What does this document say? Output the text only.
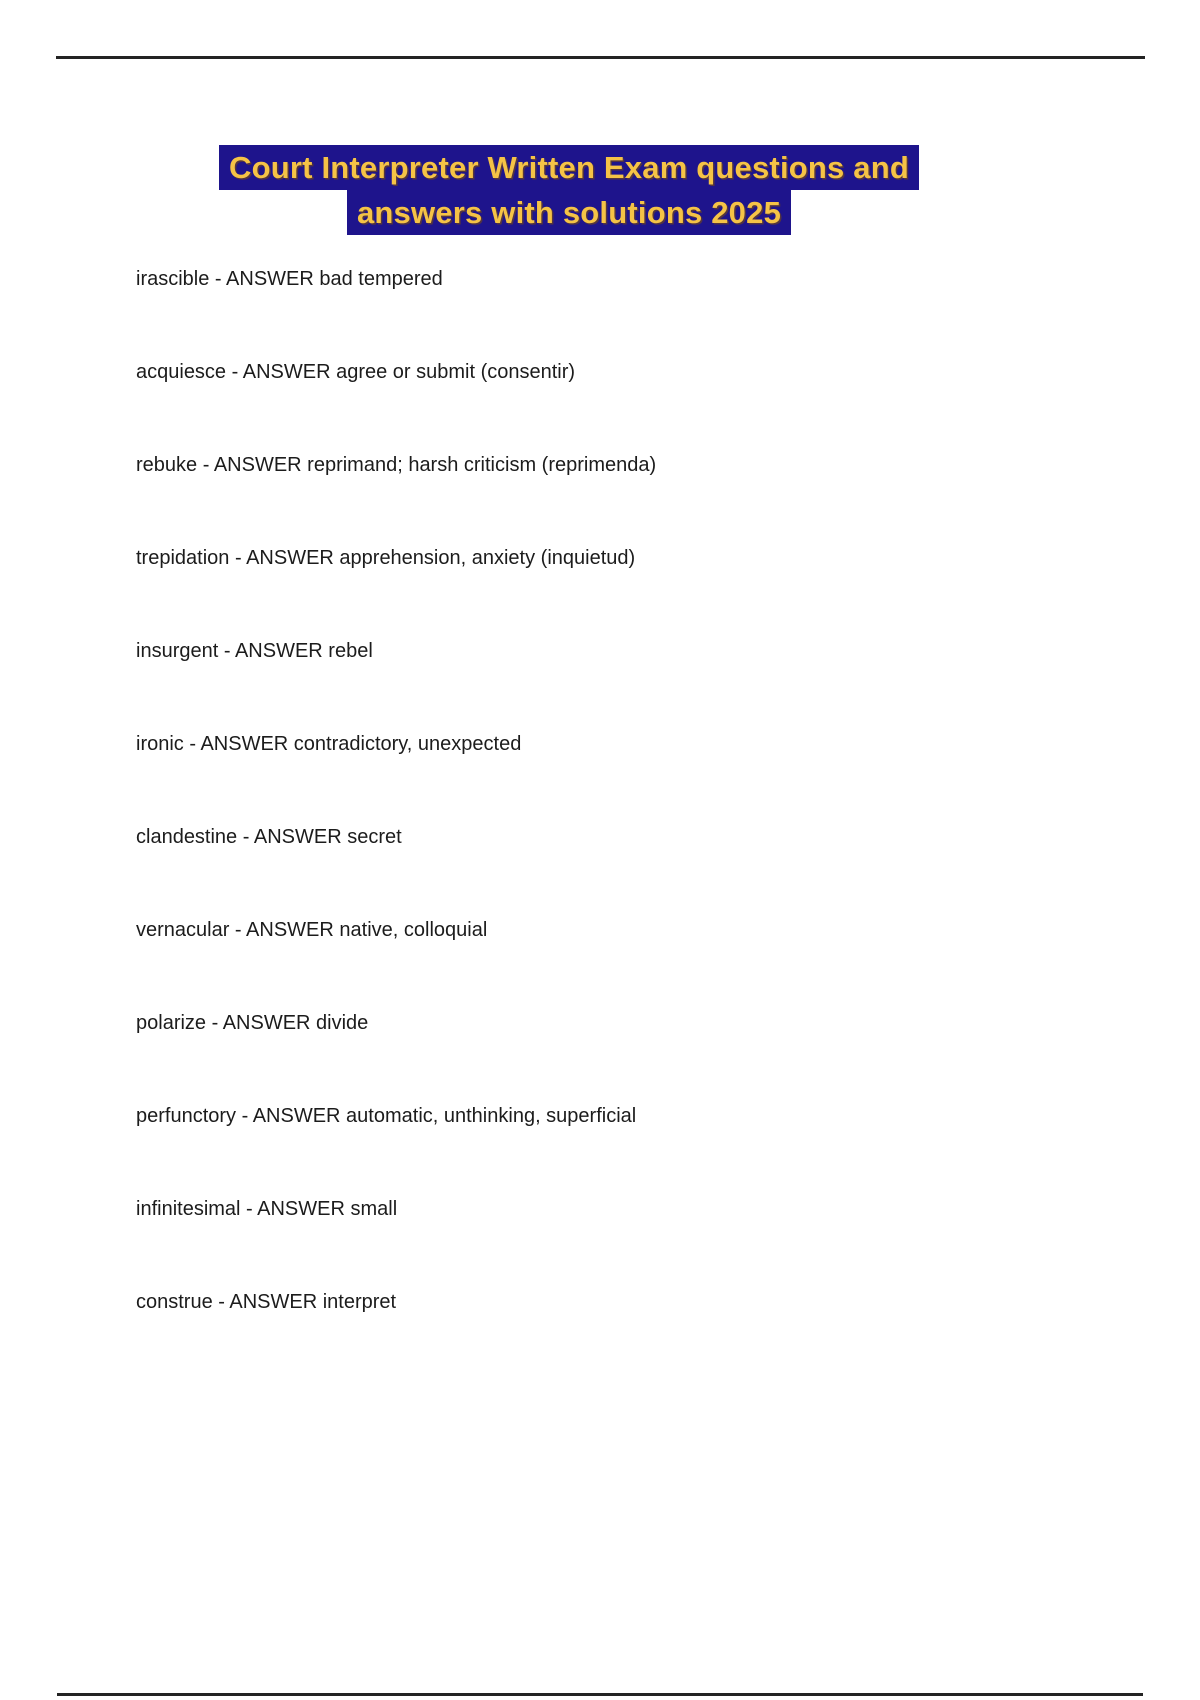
Court Interpreter Written Exam questions and
answers with solutions 2025

irascible - ANSWER bad tempered

acquiesce - ANSWER agree or submit (consentir)

rebuke - ANSWER reprimand; harsh criticism (reprimenda)

trepidation - ANSWER apprehension, anxiety (inquietud)

insurgent - ANSWER rebel

ironic - ANSWER contradictory, unexpected

clandestine - ANSWER secret

vernacular - ANSWER native, colloquial

polarize - ANSWER divide

perfunctory - ANSWER automatic, unthinking, superficial

infinitesimal - ANSWER small

construe - ANSWER interpret
